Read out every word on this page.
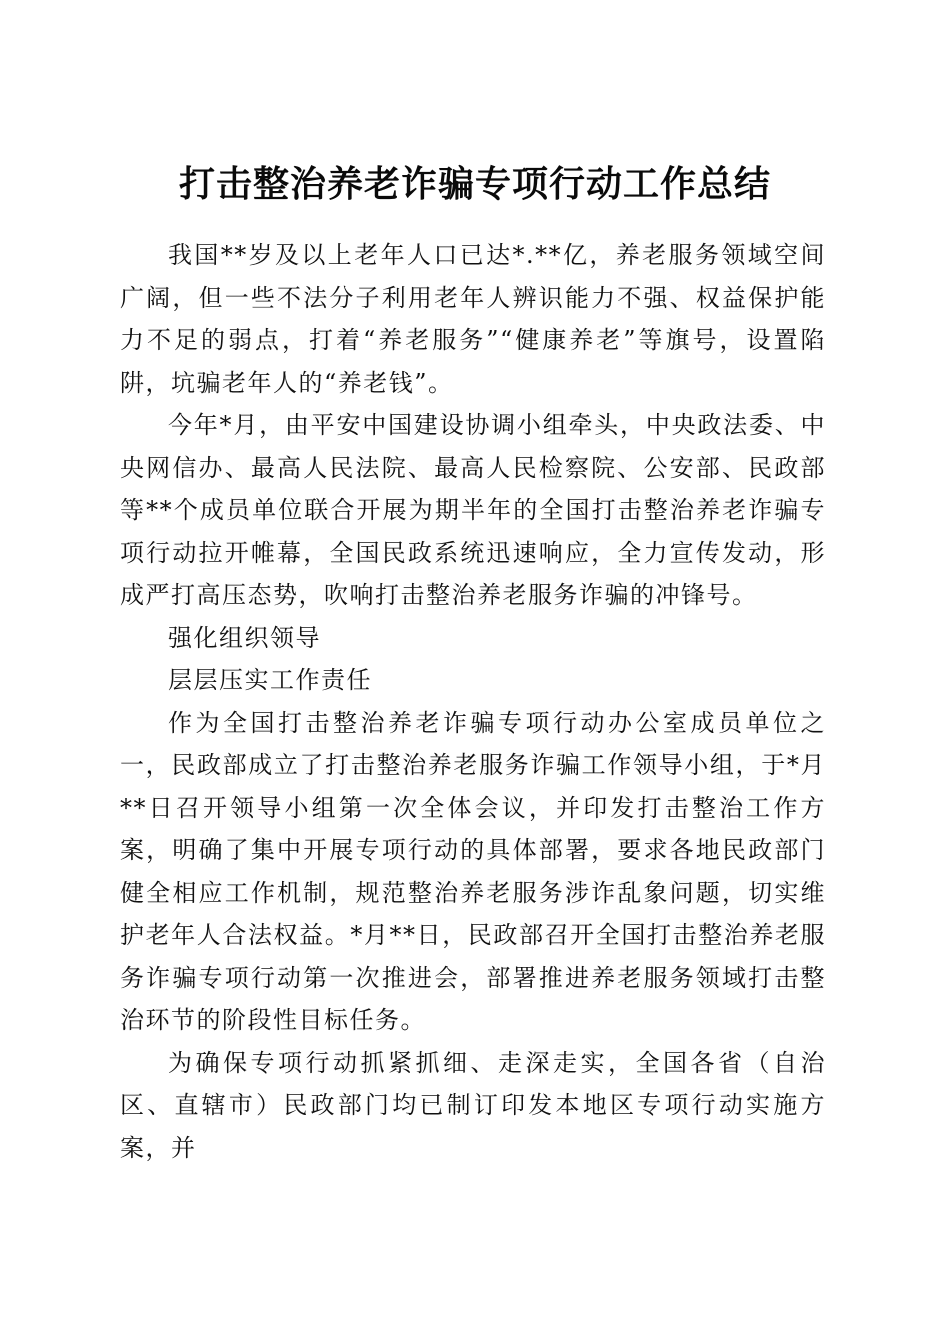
打击整治养老诈骗专项行动工作总结

我国**岁及以上老年人口已达*.**亿，养老服务领域空间广阔，但一些不法分子利用老年人辨识能力不强、权益保护能力不足的弱点，打着“养老服务”“健康养老”等旗号，设置陷阱，坑骗老年人的“养老钱”。

今年*月，由平安中国建设协调小组牵头，中央政法委、中央网信办、最高人民法院、最高人民检察院、公安部、民政部等**个成员单位联合开展为期半年的全国打击整治养老诈骗专项行动拉开帷幕，全国民政系统迅速响应，全力宣传发动，形成严打高压态势，吹响打击整治养老服务诈骗的冲锋号。

强化组织领导

层层压实工作责任

作为全国打击整治养老诈骗专项行动办公室成员单位之一，民政部成立了打击整治养老服务诈骗工作领导小组，于*月**日召开领导小组第一次全体会议，并印发打击整治工作方案，明确了集中开展专项行动的具体部署，要求各地民政部门健全相应工作机制，规范整治养老服务涉诈乱象问题，切实维护老年人合法权益。*月**日，民政部召开全国打击整治养老服务诈骗专项行动第一次推进会，部署推进养老服务领域打击整治环节的阶段性目标任务。

为确保专项行动抓紧抓细、走深走实，全国各省（自治区、直辖市）民政部门均已制订印发本地区专项行动实施方案，并
